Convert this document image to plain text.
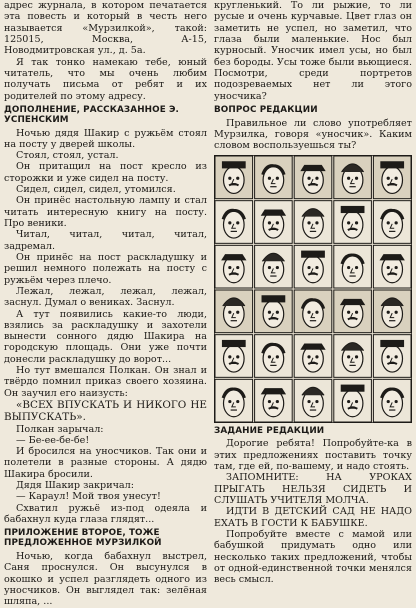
адрес журнала, в котором печатается эта повесть и который в честь него называется «Мурзилкой», такой: 125015, Москва, А-15, Новодмитровская ул., д. 5а.

Я так тонко намекаю тебе, юный читатель, что мы очень любим получать письма от ребят и их родителей по этому адресу.

ДОПОЛНЕНИЕ, РАССКАЗАННОЕ Э. УСПЕНСКИМ

Ночью дядя Шакир с ружьём стоял на посту у дверей школы.

Стоял, стоял, устал.

Он притащил на пост кресло из сторожки и уже сидел на посту.

Сидел, сидел, сидел, утомился.

Он принёс настольную лампу и стал читать интересную книгу на посту. Про веники.

Читал, читал, читал, читал, задремал.

Он принёс на пост раскладушку и решил немного полежать на посту с ружьём через плечо.

Лежал, лежал, лежал, лежал, заснул. Думал о вениках. Заснул.

А тут появились какие-то люди, взялись за раскладушку и захотели вынести сонного дядю Шакира на городскую площадь. Они уже почти донесли раскладушку до ворот...

Но тут вмешался Полкан. Он знал и твёрдо помнил приказ своего хозяина. Он заучил его наизусть:

«ВСЕХ ВПУСКАТЬ И НИКОГО НЕ ВЫПУСКАТЬ».

Полкан зарычал:

— Бе-ее-бе-бе!

И бросился на уносчиков. Так они и полетели в разные стороны. А дядю Шакира бросили.

Дядя Шакир закричал:

— Караул! Мой твоя унесут!

Схватил ружьё из-под одеяла и бабахнул куда глаза глядят...

ПРИЛОЖЕНИЕ ВТОРОЕ, ТОЖЕ ПРЕДЛОЖЕННОЕ МУРЗИЛКОЙ

Ночью, когда бабахнул выстрел, Саня проснулся. Он высунулся в окошко и успел разглядеть одного из уносчиков. Он выглядел так: зелёная шляпа, ...

кругленький. То ли рыжие, то ли русые и очень курчавые. Цвет глаз он заметить не успел, но заметил, что глаза были маленькие. Нос был курносый. Уносчик имел усы, но был без бороды. Усы тоже были вьющиеся. Посмотри, среди портретов подозреваемых нет ли этого уносчика?

ВОПРОС РЕДАКЦИИ

Правильное ли слово употребляет Мурзилка, говоря «уносчик». Каким словом воспользуешься ты?

ЗАДАНИЕ РЕДАКЦИИ

Дорогие ребята! Попробуйте-ка в этих предложениях поставить точку там, где ей, по-вашему, и надо стоять.

ЗАПОМНИТЕ: НА УРОКАХ ПРЫГАТЬ НЕЛЬЗЯ СИДЕТЬ И СЛУШАТЬ УЧИТЕЛЯ МОЛЧА.

ИДТИ В ДЕТСКИЙ САД НЕ НАДО ЕХАТЬ В ГОСТИ К БАБУШКЕ.

Попробуйте вместе с мамой или бабушкой придумать одно или несколько таких предложений, чтобы от одной-единственной точки менялся весь смысл.
